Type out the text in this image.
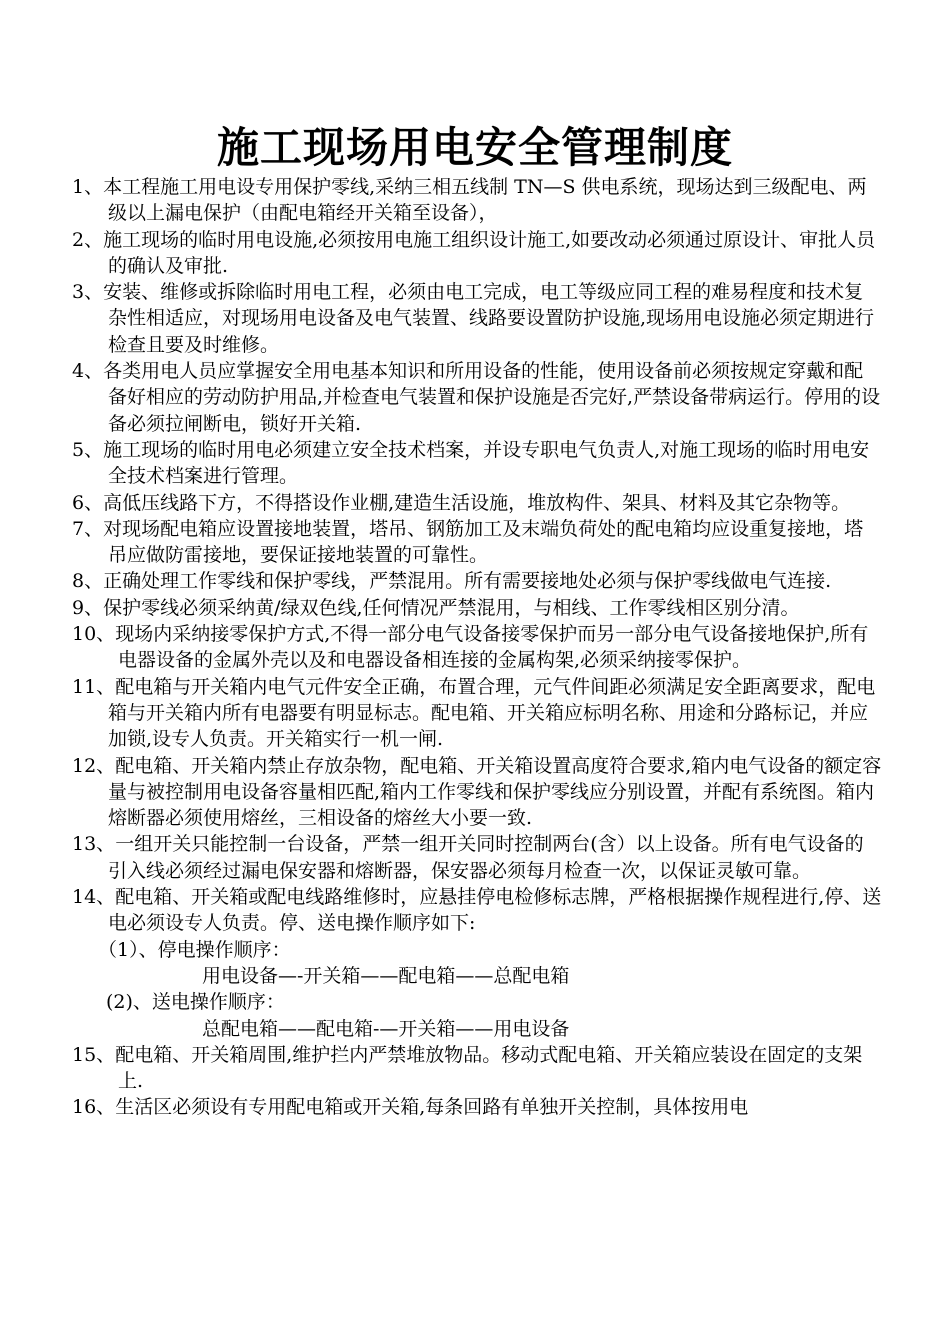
施工现场用电安全管理制度

1、本工程施工用电设专用保护零线,采纳三相五线制 TN—S 供电系统，现场达到三级配电、两级以上漏电保护（由配电箱经开关箱至设备），

2、施工现场的临时用电设施,必须按用电施工组织设计施工,如要改动必须通过原设计、审批人员的确认及审批.

3、安装、维修或拆除临时用电工程，必须由电工完成，电工等级应同工程的难易程度和技术复杂性相适应，对现场用电设备及电气装置、线路要设置防护设施,现场用电设施必须定期进行检查且要及时维修。

4、各类用电人员应掌握安全用电基本知识和所用设备的性能，使用设备前必须按规定穿戴和配备好相应的劳动防护用品,并检查电气装置和保护设施是否完好,严禁设备带病运行。停用的设备必须拉闸断电，锁好开关箱.

5、施工现场的临时用电必须建立安全技术档案，并设专职电气负责人,对施工现场的临时用电安全技术档案进行管理。

6、高低压线路下方，不得搭设作业棚,建造生活设施，堆放构件、架具、材料及其它杂物等。

7、对现场配电箱应设置接地装置，塔吊、钢筋加工及末端负荷处的配电箱均应设重复接地，塔吊应做防雷接地，要保证接地装置的可靠性。

8、正确处理工作零线和保护零线，严禁混用。所有需要接地处必须与保护零线做电气连接.

9、保护零线必须采纳黄/绿双色线,任何情况严禁混用，与相线、工作零线相区别分清。

10、现场内采纳接零保护方式,不得一部分电气设备接零保护而另一部分电气设备接地保护,所有电器设备的金属外壳以及和电器设备相连接的金属构架,必须采纳接零保护。

11、配电箱与开关箱内电气元件安全正确，布置合理，元气件间距必须满足安全距离要求，配电箱与开关箱内所有电器要有明显标志。配电箱、开关箱应标明名称、用途和分路标记，并应加锁,设专人负责。开关箱实行一机一闸.

12、配电箱、开关箱内禁止存放杂物，配电箱、开关箱设置高度符合要求,箱内电气设备的额定容量与被控制用电设备容量相匹配,箱内工作零线和保护零线应分别设置，并配有系统图。箱内熔断器必须使用熔丝，三相设备的熔丝大小要一致.

13、一组开关只能控制一台设备，严禁一组开关同时控制两台(含）以上设备。所有电气设备的引入线必须经过漏电保安器和熔断器，保安器必须每月检查一次，以保证灵敏可靠。

14、配电箱、开关箱或配电线路维修时，应悬挂停电检修标志牌，严格根据操作规程进行,停、送电必须设专人负责。停、送电操作顺序如下:

（1）、停电操作顺序：

用电设备—-开关箱——配电箱——总配电箱

(2)、送电操作顺序：

总配电箱——配电箱-—开关箱——用电设备

15、配电箱、开关箱周围,维护拦内严禁堆放物品。移动式配电箱、开关箱应装设在固定的支架上.

16、生活区必须设有专用配电箱或开关箱,每条回路有单独开关控制，具体按用电
